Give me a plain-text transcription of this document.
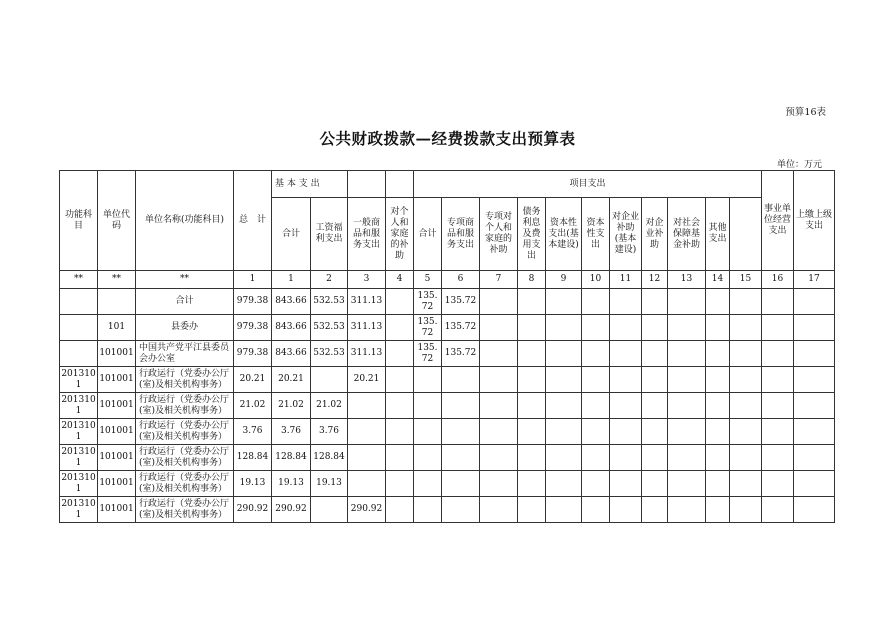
预算16表
公共财政拨款—经费拨款支出预算表
单位：万元
功能科目	单位代码	单位名称(功能科目)	总　计	基 本 支 出				项目支出											事业单位经营支出	上缴上级支出	
				合计	工资福利支出	一般商品和服务支出	对个人和家庭的补助	合计	专项商品和服务支出	专项对个人和家庭的补助	债务利息及费用支出	资本性支出(基本建设)	资本性支出	对企业补助(基本建设)	对企业补助	对社会保障基金补助	其他支出				
**	**	**	1	1	2	3	4	5	6	7	8	9	10	11	12	13	14	15	16	17	
		合计	979.38	843.66	532.53	311.13		135.72	135.72												
	101	县委办	979.38	843.66	532.53	311.13		135.72	135.72												
	101001	中国共产党平江县委员会办公室	979.38	843.66	532.53	311.13		135.72	135.72												
2013101	101001	行政运行（党委办公厅(室)及相关机构事务）	20.21	20.21		20.21															
2013101	101001	行政运行（党委办公厅(室)及相关机构事务）	21.02	21.02	21.02																
2013101	101001	行政运行（党委办公厅(室)及相关机构事务）	3.76	3.76	3.76																
2013101	101001	行政运行（党委办公厅(室)及相关机构事务）	128.84	128.84	128.84																
2013101	101001	行政运行（党委办公厅(室)及相关机构事务）	19.13	19.13	19.13																
2013101	101001	行政运行（党委办公厅(室)及相关机构事务）	290.92	290.92		290.92															
